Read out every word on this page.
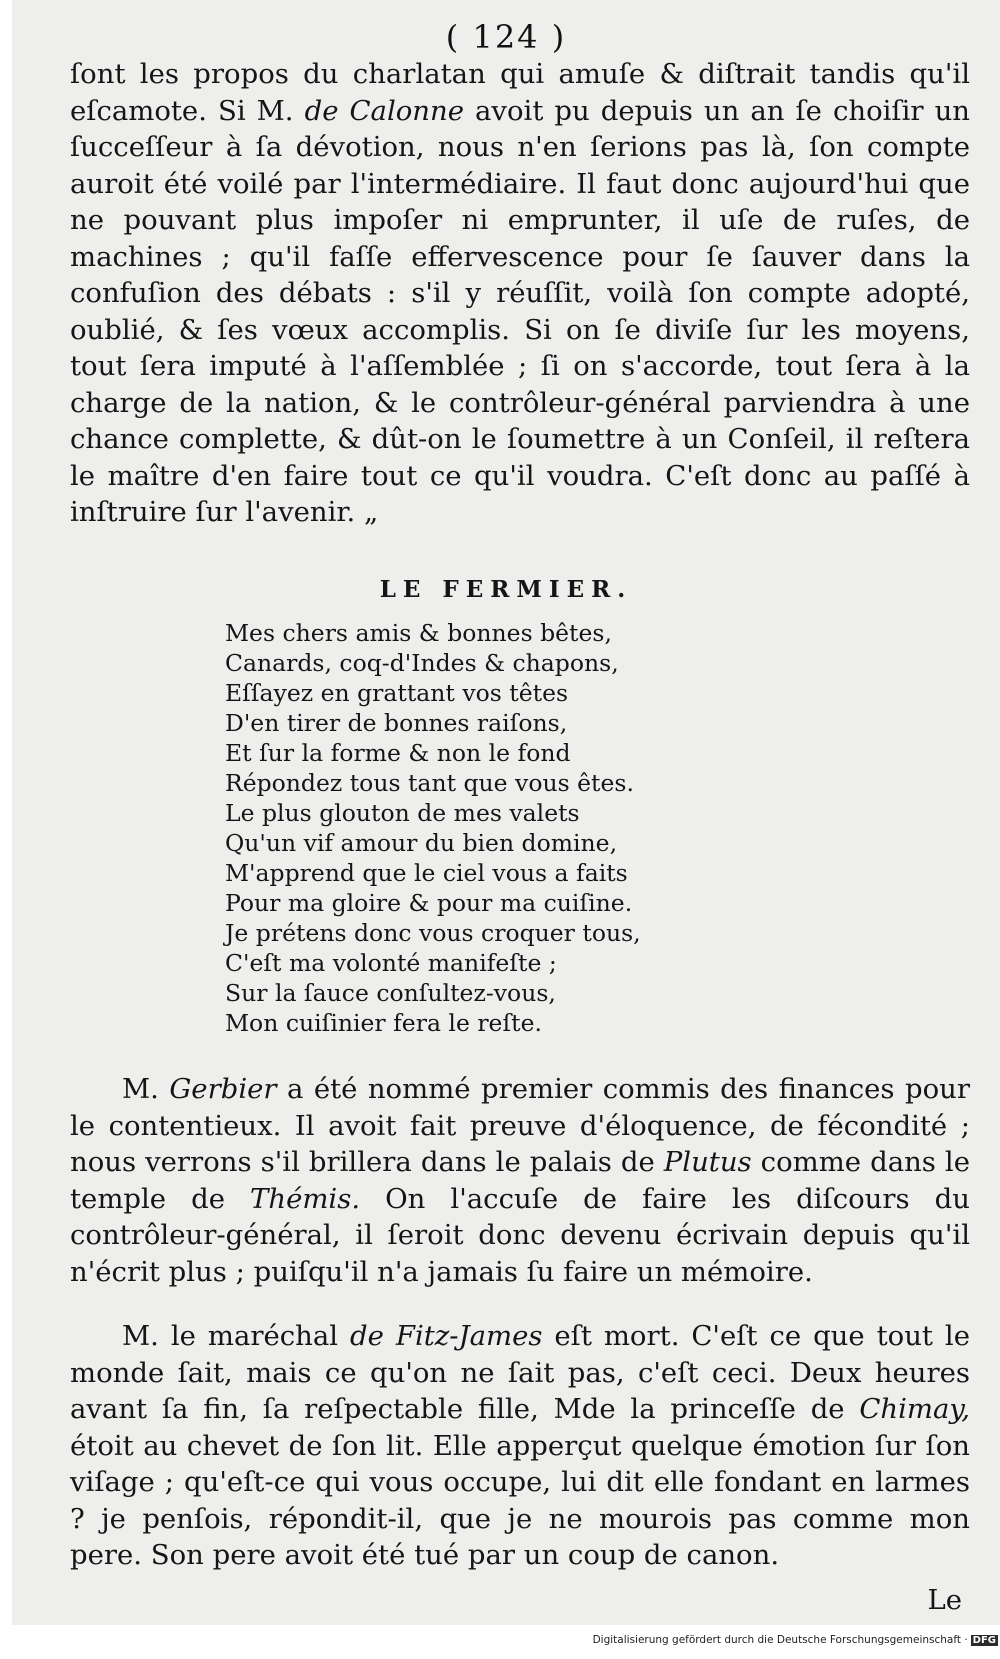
( 124 )

ſont les propos du charlatan qui amuſe & diſtrait tandis qu'il eſcamote. Si M. de Calonne avoit pu depuis un an ſe choiſir un ſucceſſeur à ſa dévotion, nous n'en ſerions pas là, ſon compte auroit été voilé par l'intermédiaire. Il faut donc aujourd'hui que ne pouvant plus impoſer ni emprunter, il uſe de ruſes, de machines ; qu'il faſſe effervescence pour ſe ſauver dans la confuſion des débats : s'il y réuſſit, voilà ſon compte adopté, oublié, & ſes vœux accomplis. Si on ſe diviſe ſur les moyens, tout ſera imputé à l'aſſemblée ; ſi on s'accorde, tout ſera à la charge de la nation, & le contrôleur-général parviendra à une chance complette, & dût-on le ſoumettre à un Conſeil, il reſtera le maître d'en faire tout ce qu'il voudra. C'eſt donc au paſſé à inſtruire ſur l'avenir. „

LE FERMIER.
Mes chers amis & bonnes bêtes,
Canards, coq-d'Indes & chapons,
Eſſayez en grattant vos têtes
D'en tirer de bonnes raiſons,
Et ſur la forme & non le fond
Répondez tous tant que vous êtes.
Le plus glouton de mes valets
Qu'un vif amour du bien domine,
M'apprend que le ciel vous a faits
Pour ma gloire & pour ma cuiſine.
Je prétens donc vous croquer tous,
C'eſt ma volonté manifeſte ;
Sur la ſauce conſultez-vous,
Mon cuiſinier fera le reſte.

M. Gerbier a été nommé premier commis des finances pour le contentieux. Il avoit fait preuve d'éloquence, de fécondité ; nous verrons s'il brillera dans le palais de Plutus comme dans le temple de Thémis. On l'accuſe de faire les diſcours du contrôleur-général, il ſeroit donc devenu écrivain depuis qu'il n'écrit plus ; puiſqu'il n'a jamais ſu faire un mémoire.

M. le maréchal de Fitz-James eſt mort. C'eſt ce que tout le monde ſait, mais ce qu'on ne ſait pas, c'eſt ceci. Deux heures avant ſa fin, ſa reſpectable fille, Mde la princeſſe de Chimay, étoit au chevet de ſon lit. Elle apperçut quelque émotion ſur ſon viſage ; qu'eſt-ce qui vous occupe, lui dit elle fondant en larmes ? je penſois, répondit-il, que je ne mourois pas comme mon pere. Son pere avoit été tué par un coup de canon.

Le
Digitalisierung gefördert durch die Deutsche Forschungsgemeinschaft · DFG
